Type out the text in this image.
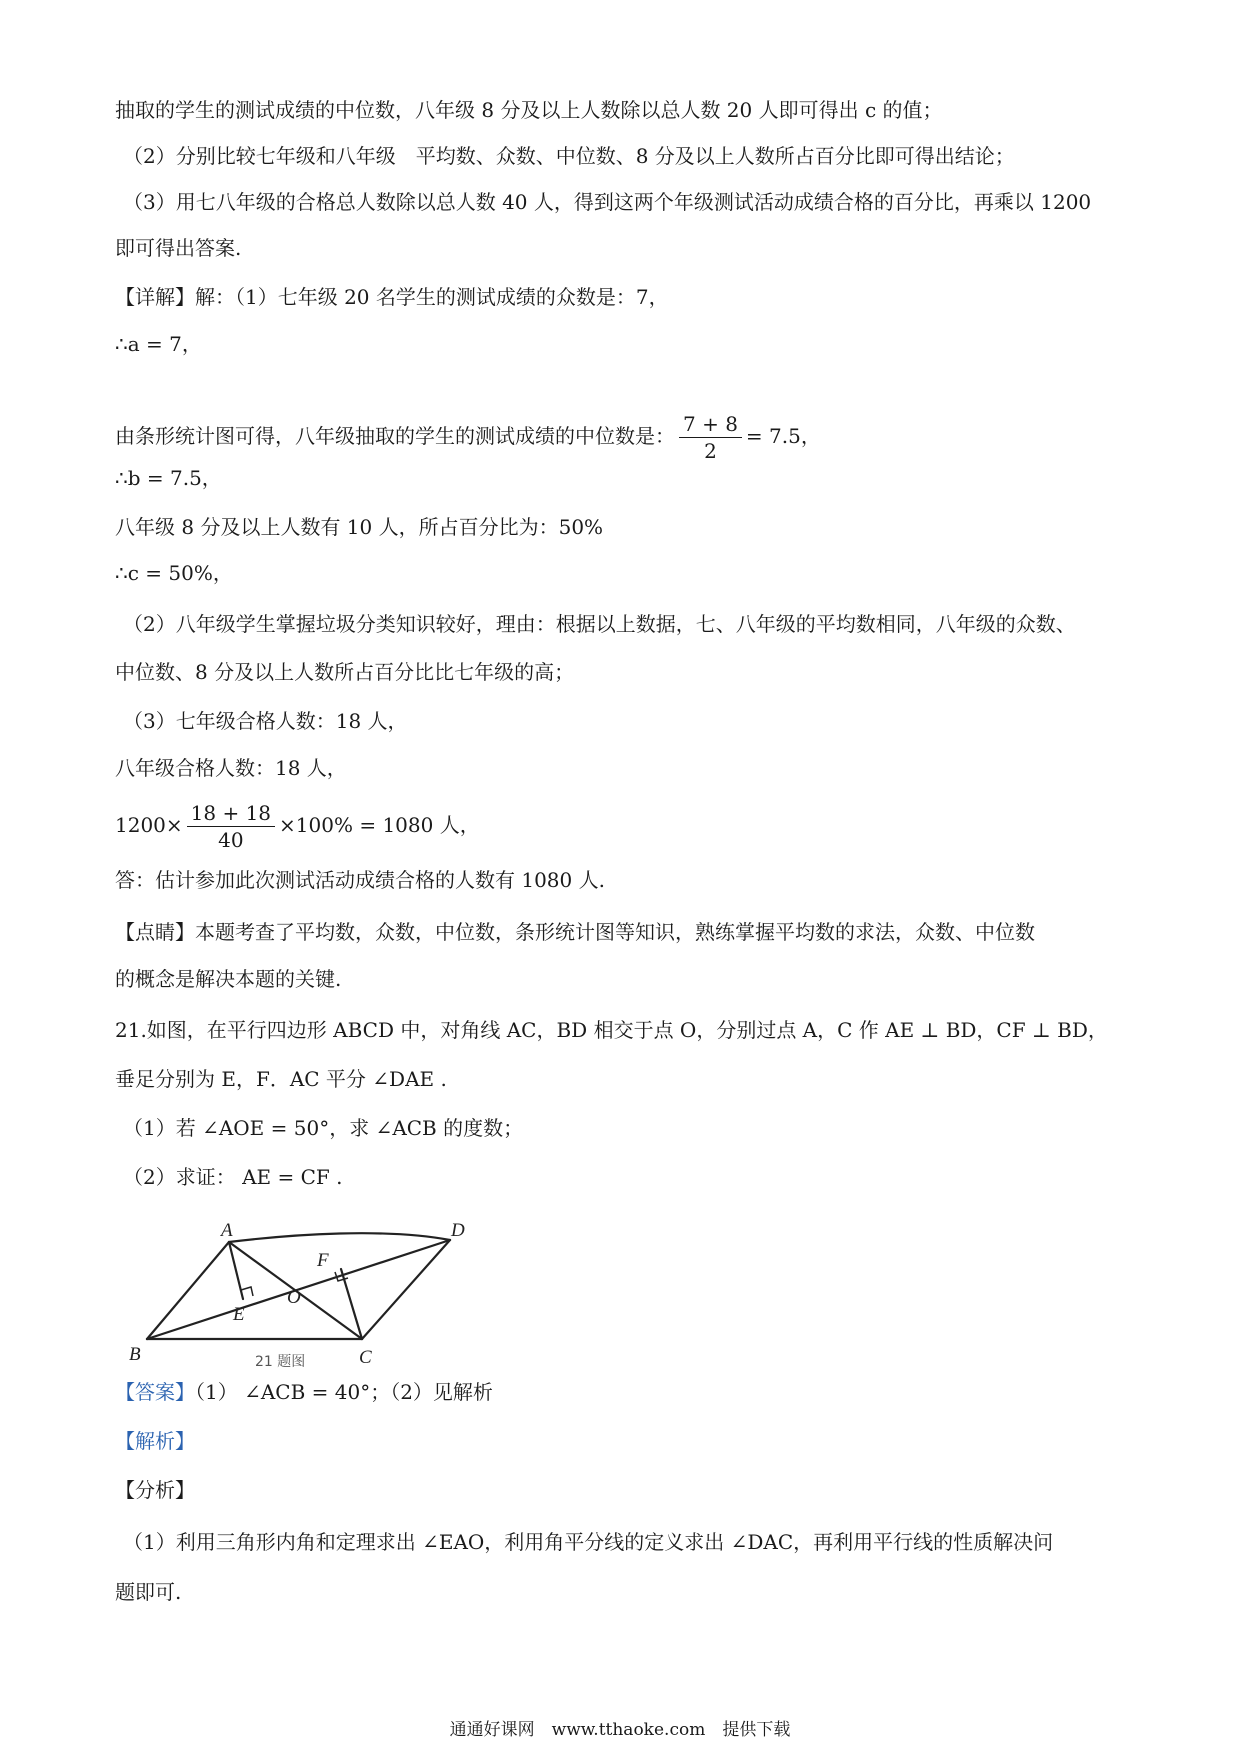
抽取的学生的测试成绩的中位数，八年级 8 分及以上人数除以总人数 20 人即可得出 c 的值；
（2）分别比较七年级和八年级　平均数、众数、中位数、8 分及以上人数所占百分比即可得出结论；
（3）用七八年级的合格总人数除以总人数 40 人，得到这两个年级测试活动成绩合格的百分比，再乘以 1200
即可得出答案.
【详解】解：（1）七年级 20 名学生的测试成绩的众数是：7，
∴a = 7，
由条形统计图可得，八年级抽取的学生的测试成绩的中位数是： $\frac{7 + 8}{2} = 7.5$，
∴b = 7.5，
八年级 8 分及以上人数有 10 人，所占百分比为：50%
∴c = 50%，
（2）八年级学生掌握垃圾分类知识较好，理由：根据以上数据，七、八年级的平均数相同，八年级的众数、
中位数、8 分及以上人数所占百分比比七年级的高；
（3）七年级合格人数：18 人，
八年级合格人数：18 人，
$1200\times \frac{18 + 18}{40} \times 100\% = 1080$ 人，
答：估计参加此次测试活动成绩合格的人数有 1080 人.
【点睛】本题考查了平均数，众数，中位数，条形统计图等知识，熟练掌握平均数的求法，众数、中位数
的概念是解决本题的关键.
21.如图，在平行四边形 ABCD 中，对角线 AC，BD 相交于点 O，分别过点 A，C 作 AE ⊥ BD，CF ⊥ BD，
垂足分别为 E，F．AC 平分 ∠DAE .
（1）若 ∠AOE = 50°，求 ∠ACB 的度数；
（2）求证： AE = CF .
A
B	C
D
E
F
O
21 题图
【答案】（1） ∠ACB = 40°；（2）见解析
【解析】
【分析】
（1）利用三角形内角和定理求出 ∠EAO，利用角平分线的定义求出 ∠DAC，再利用平行线的性质解决问
题即可.
通通好课网　www.tthaoke.com　提供下载
